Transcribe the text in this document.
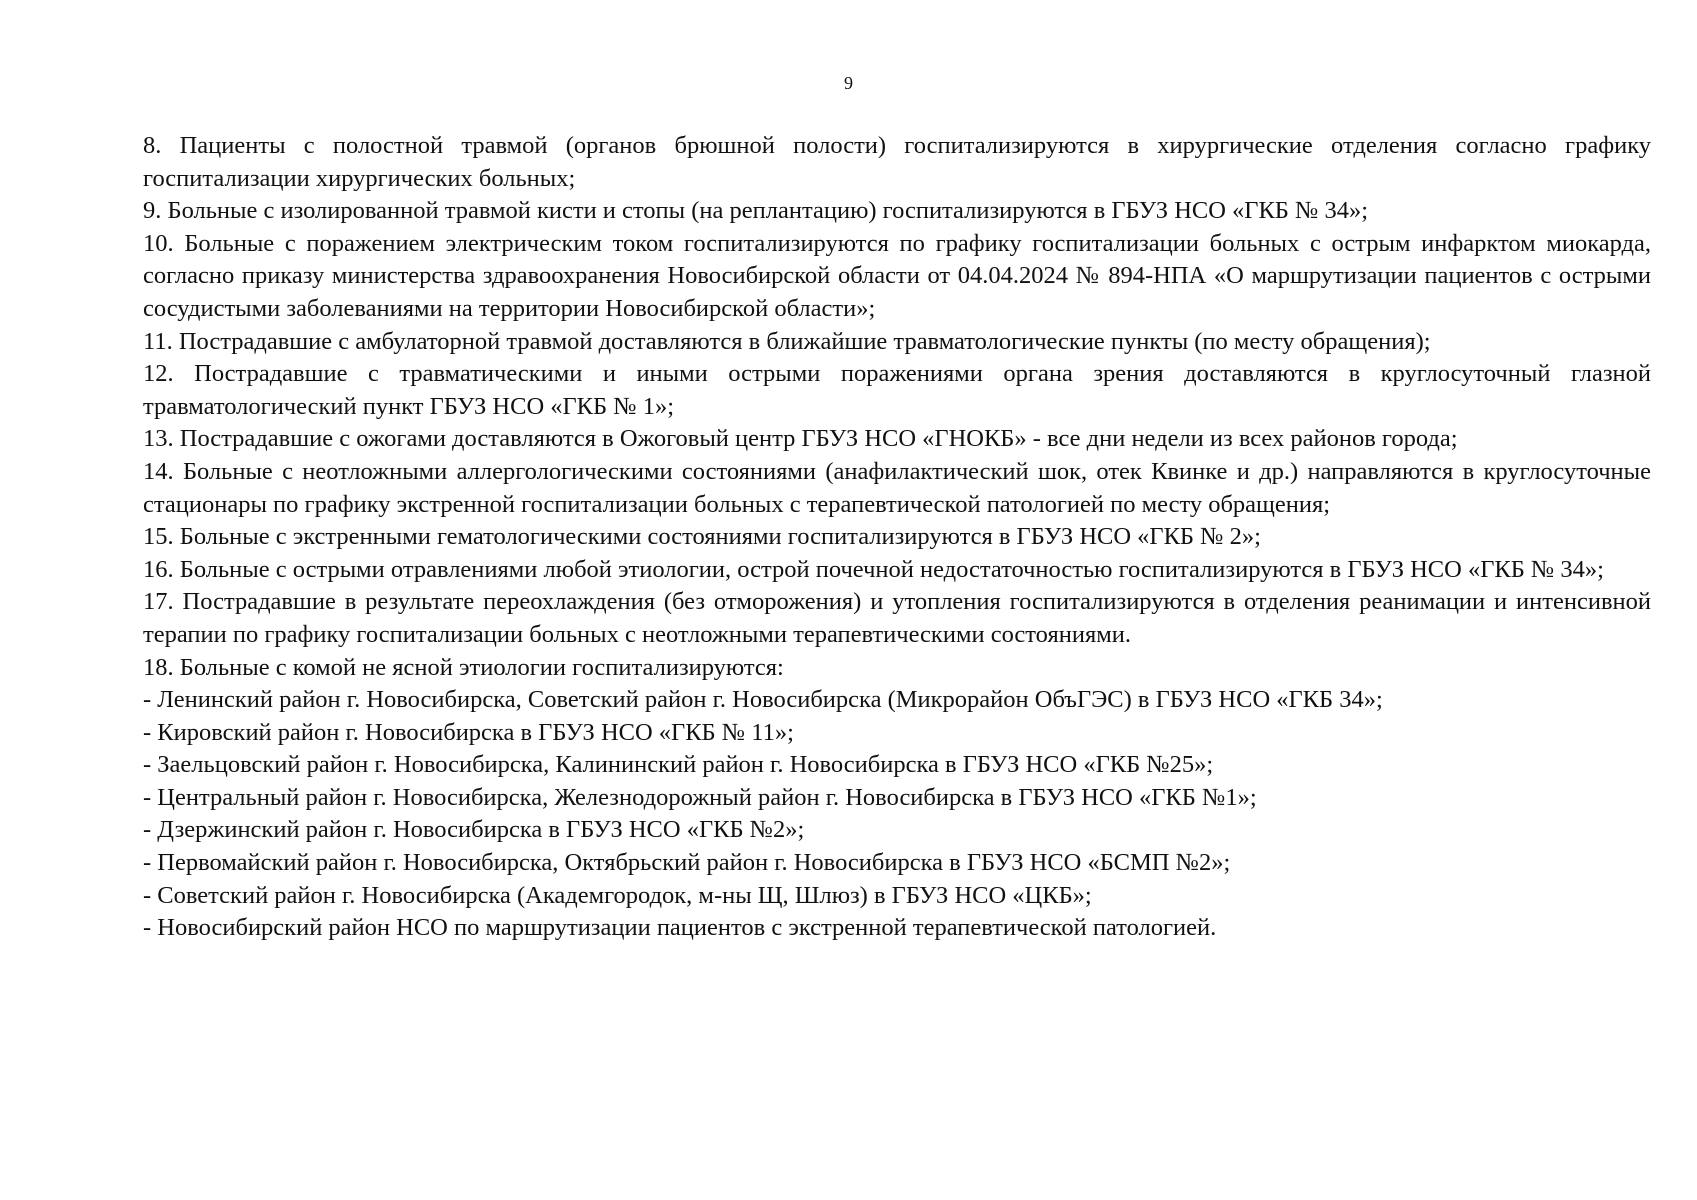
9

8. Пациенты с полостной травмой (органов брюшной полости) госпитализируются в хирургические отделения согласно графику госпитализации хирургических больных;

9. Больные с изолированной травмой кисти и стопы (на реплантацию) госпитализируются в ГБУЗ НСО «ГКБ № 34»;

10. Больные с поражением электрическим током госпитализируются по графику госпитализации больных с острым инфарктом миокарда, согласно приказу министерства здравоохранения Новосибирской области от 04.04.2024 № 894-НПА «О маршрутизации пациентов с острыми сосудистыми заболеваниями на территории Новосибирской области»;

11. Пострадавшие с амбулаторной травмой доставляются в ближайшие травматологические пункты (по месту обращения);

12. Пострадавшие с травматическими и иными острыми поражениями органа зрения доставляются в круглосуточный глазной травматологический пункт ГБУЗ НСО «ГКБ № 1»;

13. Пострадавшие с ожогами доставляются в Ожоговый центр ГБУЗ НСО «ГНОКБ» - все дни недели из всех районов города;

14. Больные с неотложными аллергологическими состояниями (анафилактический шок, отек Квинке и др.) направляются в круглосуточные стационары по графику экстренной госпитализации больных с терапевтической патологией по месту обращения;

15. Больные с экстренными гематологическими состояниями госпитализируются в ГБУЗ НСО «ГКБ № 2»;

16. Больные с острыми отравлениями любой этиологии, острой почечной недостаточностью госпитализируются в ГБУЗ НСО «ГКБ № 34»;

17. Пострадавшие в результате переохлаждения (без отморожения) и утопления госпитализируются в отделения реанимации и интенсивной терапии по графику госпитализации больных с неотложными терапевтическими состояниями.

18. Больные с комой не ясной этиологии госпитализируются:

- Ленинский район г. Новосибирска, Советский район г. Новосибирска (Микрорайон ОбъГЭС) в ГБУЗ НСО «ГКБ 34»;

- Кировский район г. Новосибирска в ГБУЗ НСО «ГКБ № 11»;

- Заельцовский район г. Новосибирска, Калининский район г. Новосибирска в ГБУЗ НСО «ГКБ №25»;

- Центральный район г. Новосибирска, Железнодорожный район г. Новосибирска в ГБУЗ НСО «ГКБ №1»;

- Дзержинский район г. Новосибирска в ГБУЗ НСО «ГКБ №2»;

- Первомайский район г. Новосибирска, Октябрьский район г. Новосибирска в ГБУЗ НСО «БСМП №2»;

- Советский район г. Новосибирска (Академгородок, м-ны Щ, Шлюз) в ГБУЗ НСО «ЦКБ»;

- Новосибирский район НСО по маршрутизации пациентов с экстренной терапевтической патологией.
